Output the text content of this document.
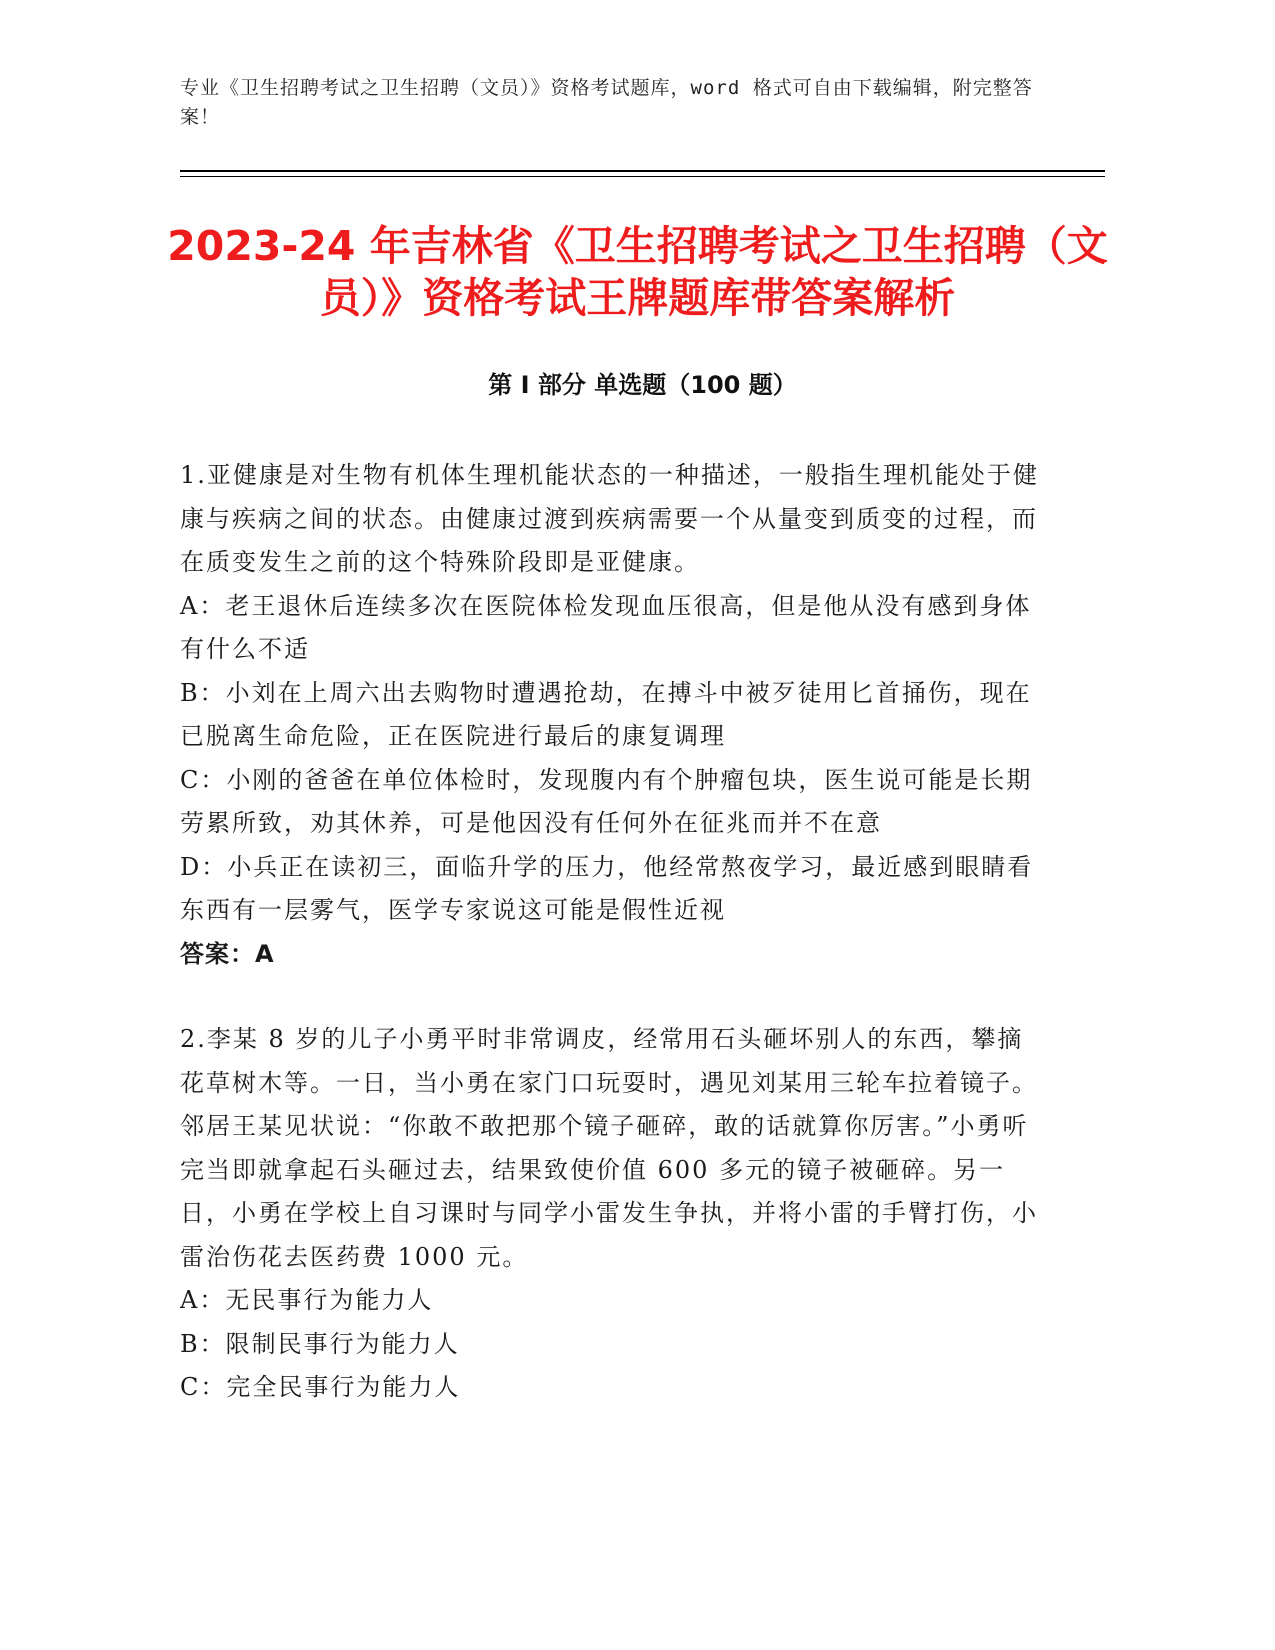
专业《卫生招聘考试之卫生招聘（文员）》资格考试题库，word 格式可自由下载编辑，附完整答案！
2023-24 年吉林省《卫生招聘考试之卫生招聘（文员）》资格考试王牌题库带答案解析
第 I 部分 单选题（100 题）

1.亚健康是对生物有机体生理机能状态的一种描述，一般指生理机能处于健康与疾病之间的状态。由健康过渡到疾病需要一个从量变到质变的过程，而在质变发生之前的这个特殊阶段即是亚健康。

A：老王退休后连续多次在医院体检发现血压很高，但是他从没有感到身体有什么不适

B：小刘在上周六出去购物时遭遇抢劫，在搏斗中被歹徒用匕首捅伤，现在已脱离生命危险，正在医院进行最后的康复调理

C：小刚的爸爸在单位体检时，发现腹内有个肿瘤包块，医生说可能是长期劳累所致，劝其休养，可是他因没有任何外在征兆而并不在意

D：小兵正在读初三，面临升学的压力，他经常熬夜学习，最近感到眼睛看东西有一层雾气，医学专家说这可能是假性近视

答案：A

2.李某 8 岁的儿子小勇平时非常调皮，经常用石头砸坏别人的东西，攀摘花草树木等。一日，当小勇在家门口玩耍时，遇见刘某用三轮车拉着镜子。邻居王某见状说：“你敢不敢把那个镜子砸碎，敢的话就算你厉害。”小勇听完当即就拿起石头砸过去，结果致使价值 600 多元的镜子被砸碎。另一日，小勇在学校上自习课时与同学小雷发生争执，并将小雷的手臂打伤，小雷治伤花去医药费 1000 元。

A：无民事行为能力人

B：限制民事行为能力人

C：完全民事行为能力人
